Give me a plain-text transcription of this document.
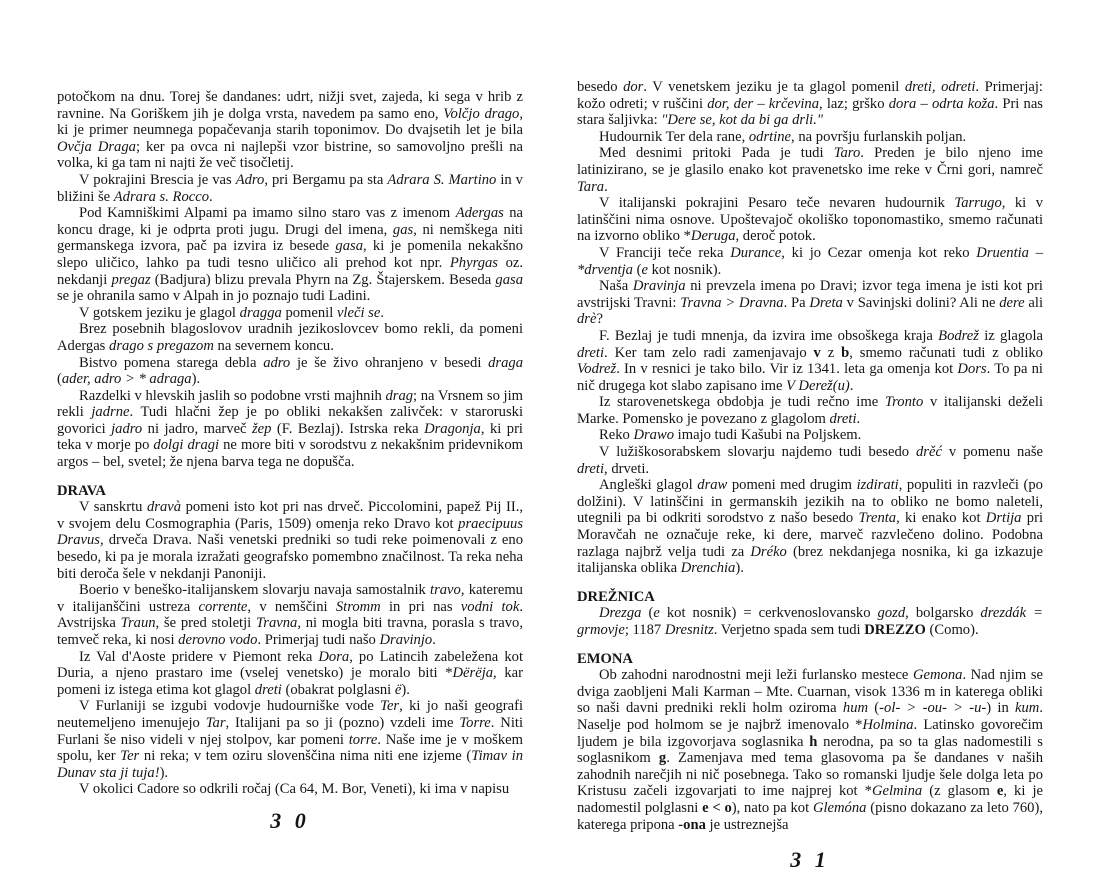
potočkom na dnu. Torej še dandanes: udrt, nižji svet, zajeda, ki sega v hrib z ravnine. Na Goriškem jih je dolga vrsta, navedem pa samo eno, Volčjo drago, ki je primer neumnega popačevanja starih toponimov. Do dvajsetih let je bila Ovčja Draga; ker pa ovca ni najlepši vzor bistrine, so samovoljno prešli na volka, ki ga tam ni najti že več tisočletij.

V pokrajini Brescia je vas Adro, pri Bergamu pa sta Adrara S. Martino in v bližini še Adrara s. Rocco.

Pod Kamniškimi Alpami pa imamo silno staro vas z imenom Adergas na koncu drage, ki je odprta proti jugu. Drugi del imena, gas, ni nemškega niti germanskega izvora, pač pa izvira iz besede gasa, ki je pomenila nekakšno slepo uličico, lahko pa tudi tesno uličico ali prehod kot npr. Phyrgas oz. nekdanji pregaz (Badjura) blizu prevala Phyrn na Zg. Štajerskem. Beseda gasa se je ohranila samo v Alpah in jo poznajo tudi Ladini.

V gotskem jeziku je glagol dragga pomenil vleči se.

Brez posebnih blagoslovov uradnih jezikoslovcev bomo rekli, da pomeni Adergas drago s pregazom na severnem koncu.

Bistvo pomena starega debla adro je še živo ohranjeno v besedi draga (ader, adro > * adraga).

Razdelki v hlevskih jaslih so podobne vrsti majhnih drag; na Vrsnem so jim rekli jadrne. Tudi hlačni žep je po obliki nekakšen zalivček: v staroruski govorici jadro ni jadro, marveč žep (F. Bezlaj). Istrska reka Dragonja, ki pri teka v morje po dolgi dragi ne more biti v sorodstvu z nekakšnim pridevnikom argos – bel, svetel; že njena barva tega ne dopušča.

DRAVA

V sanskrtu dravà pomeni isto kot pri nas drveč. Piccolomini, papež Pij II., v svojem delu Cosmographia (Paris, 1509) omenja reko Dravo kot praecipuus Dravus, drveča Drava. Naši venetski predniki so tudi reke poimenovali z eno besedo, ki pa je morala izražati geografsko pomembno značilnost. Ta reka neha biti deroča šele v nekdanji Panoniji.

Boerio v beneško-italijanskem slovarju navaja samostalnik travo, kateremu v italijanščini ustreza corrente, v nemščini Stromm in pri nas vodni tok. Avstrijska Traun, še pred stoletji Travna, ni mogla biti travna, porasla s travo, temveč reka, ki nosi derovno vodo. Primerjaj tudi našo Dravinjo.

Iz Val d'Aoste pridere v Piemont reka Dora, po Latincih zabeležena kot Duria, a njeno prastaro ime (vselej venetsko) je moralo biti *Dërëja, kar pomeni iz istega etima kot glagol dreti (obakrat polglasni ë).

V Furlaniji se izgubi vodovje hudourniške vode Ter, ki jo naši geografi neutemeljeno imenujejo Tar, Italijani pa so ji (pozno) vzdeli ime Torre. Niti Furlani še niso videli v njej stolpov, kar pomeni torre. Naše ime je v moškem spolu, ker Ter ni reka; v tem oziru slovenščina nima niti ene izjeme (Timav in Dunav sta ji tuja!).

V okolici Cadore so odkrili ročaj (Ca 64, M. Bor, Veneti), ki ima v napisu

3 0

besedo dor. V venetskem jeziku je ta glagol pomenil dreti, odreti. Primerjaj: kožo odreti; v ruščini dor, der – krčevina, laz; grško dora – odrta koža. Pri nas stara šaljivka: "Dere se, kot da bi ga drli."

Hudournik Ter dela rane, odrtine, na površju furlanskih poljan.

Med desnimi pritoki Pada je tudi Taro. Preden je bilo njeno ime latinizirano, se je glasilo enako kot pravenetsko ime reke v Črni gori, namreč Tara.

V italijanski pokrajini Pesaro teče nevaren hudournik Tarrugo, ki v latinščini nima osnove. Upoštevajoč okoliško toponomastiko, smemo računati na izvorno obliko *Deruga, deroč potok.

V Franciji teče reka Durance, ki jo Cezar omenja kot reko Druentia – *drventja (e kot nosnik).

Naša Dravinja ni prevzela imena po Dravi; izvor tega imena je isti kot pri avstrijski Travni: Travna > Dravna. Pa Dreta v Savinjski dolini? Ali ne dere ali drè?

F. Bezlaj je tudi mnenja, da izvira ime obsoškega kraja Bodrež iz glagola dreti. Ker tam zelo radi zamenjavajo v z b, smemo računati tudi z obliko Vodrež. In v resnici je tako bilo. Vir iz 1341. leta ga omenja kot Dors. To pa ni nič drugega kot slabo zapisano ime V Derež(u).

Iz starovenetskega obdobja je tudi rečno ime Tronto v italijanski deželi Marke. Pomensko je povezano z glagolom dreti.

Reko Drawo imajo tudi Kašubi na Poljskem.

V lužiškosorabskem slovarju najdemo tudi besedo drěć v pomenu naše dreti, drveti.

Angleški glagol draw pomeni med drugim izdirati, populiti in razvleči (po dolžini). V latinščini in germanskih jezikih na to obliko ne bomo naleteli, utegnili pa bi odkriti sorodstvo z našo besedo Trenta, ki enako kot Drtija pri Moravčah ne označuje reke, ki dere, marveč razvlečeno dolino. Podobna razlaga najbrž velja tudi za Dréko (brez nekdanjega nosnika, ki ga izkazuje italijanska oblika Drenchia).

DREŽNICA

Drezga (e kot nosnik) = cerkvenoslovansko gozd, bolgarsko drezdák = grmovje; 1187 Dresnitz. Verjetno spada sem tudi DREZZO (Como).

EMONA

Ob zahodni narodnostni meji leži furlansko mestece Gemona. Nad njim se dviga zaobljeni Mali Karman – Mte. Cuarnan, visok 1336 m in katerega obliki so naši davni predniki rekli holm oziroma hum (-ol- > -ou- > -u-) in kum. Naselje pod holmom se je najbrž imenovalo *Holmina. Latinsko govorečim ljudem je bila izgovorjava soglasnika h nerodna, pa so ta glas nadomestili s soglasnikom g. Zamenjava med tema glasovoma pa še dandanes v naših zahodnih narečjih ni nič posebnega. Tako so romanski ljudje šele dolga leta po Kristusu začeli izgovarjati to ime najprej kot *Gelmina (z glasom e, ki je nadomestil polglasni e < o), nato pa kot Glemóna (pisno dokazano za leto 760), katerega pripona -ona je ustreznejša

3 1
